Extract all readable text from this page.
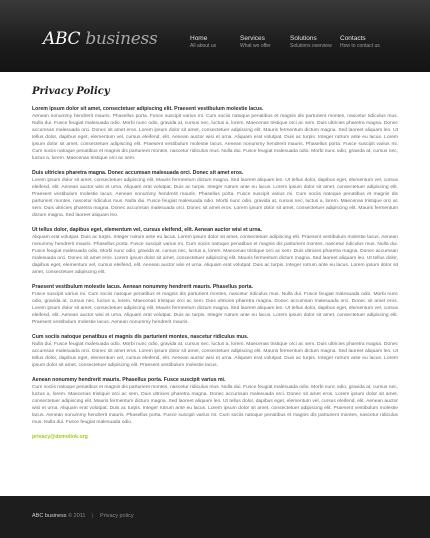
ABC business	Home
All about us
Services
What we offer
Solutions
Solutions overview
Contacts
How to contact us
Privacy Policy

Lorem ipsum dolor sit amet, consectetuer adipiscing elit. Praesent vestibulum molestie lacus.

Aenean nonummy hendrerit mauris. Phasellus porta. Fusce suscipit varius mi. Cum sociis natoque penatibus et magnis dis parturient montes, nascetur ridiculus mus. Nulla dui. Fusce feugiat malesuada odio. Morbi nunc odio, gravida at, cursus nec, luctus a, lorem. Maecenas tristique orci ac sem. Duis ultricies pharetra magna. Donec accumsan malesuada orci. Donec sit amet eros. Lorem ipsum dolor sit amet, consectetuer adipiscing elit. Mauris fermentum dictum magna. Sed laoreet aliquam leo. Ut tellus dolor, dapibus eget, elementum vel, cursus eleifend, elit. Aenean auctor wisi et urna. Aliquam erat volutpat. Duis ac turpis. Integer rutrum ante eu lacus. Lorem ipsum dolor sit amet, consectetuer adipiscing elit. Praesent vestibulum molestie lacus. Aenean nonummy hendrerit mauris. Phasellus porta. Fusce suscipit varius mi. Cum sociis natoque penatibus et magnis dis parturient montes, nascetur ridiculus mus. Nulla dui. Fusce feugiat malesuada odio. Morbi nunc odio, gravida at, cursus nec, luctus a, lorem. Maecenas tristique orci ac sem.

Duis ultricies pharetra magna. Donec accumsan malesuada orci. Donec sit amet eros.

Lorem ipsum dolor sit amet, consectetuer adipiscing elit. Mauris fermentum dictum magna. Sed laoreet aliquam leo. Ut tellus dolor, dapibus eget, elementum vel, cursus eleifend, elit. Aenean auctor wisi et urna. Aliquam erat volutpat. Duis ac turpis. Integer rutrum ante eu lacus. Lorem ipsum dolor sit amet, consectetuer adipiscing elit. Praesent vestibulum molestie lacus. Aenean nonummy hendrerit mauris. Phasellus porta. Fusce suscipit varius mi. Cum sociis natoque penatibus et magnis dis parturient montes, nascetur ridiculus mus. Nulla dui. Fusce feugiat malesuada odio. Morbi nunc odio, gravida at, cursus nec, luctus a, lorem. Maecenas tristique orci ac sem. Duis ultricies pharetra magna. Donec accumsan malesuada orci. Donec sit amet eros. Lorem ipsum dolor sit amet, consectetuer adipiscing elit. Mauris fermentum dictum magna. Sed laoreet aliquam leo.

Ut tellus dolor, dapibus eget, elementum vel, cursus eleifend, elit. Aenean auctor wisi et urna.

Aliquam erat volutpat. Duis ac turpis. Integer rutrum ante eu lacus. Lorem ipsum dolor sit amet, consectetuer adipiscing elit. Praesent vestibulum molestie lacus. Aenean nonummy hendrerit mauris. Phasellus porta. Fusce suscipit varius mi. Cum sociis natoque penatibus et magnis dis parturient montes, nascetur ridiculus mus. Nulla dui. Fusce feugiat malesuada odio. Morbi nunc odio, gravida at, cursus nec, luctus a, lorem. Maecenas tristique orci ac sem. Duis ultricies pharetra magna. Donec accumsan malesuada orci. Donec sit amet eros. Lorem ipsum dolor sit amet, consectetuer adipiscing elit. Mauris fermentum dictum magna. Sed laoreet aliquam leo. Ut tellus dolor, dapibus eget, elementum vel, cursus eleifend, elit. Aenean auctor wisi et urna. Aliquam erat volutpat. Duis ac turpis. Integer rutrum ante eu lacus. Lorem ipsum dolor sit amet, consectetuer adipiscing elit.

Praesent vestibulum molestie lacus. Aenean nonummy hendrerit mauris. Phasellus porta.

Fusce suscipit varius mi. Cum sociis natoque penatibus et magnis dis parturient montes, nascetur ridiculus mus. Nulla dui. Fusce feugiat malesuada odio. Morbi nunc odio, gravida at, cursus nec, luctus a, lorem. Maecenas tristique orci ac sem. Duis ultricies pharetra magna. Donec accumsan malesuada orci. Donec sit amet eros. Lorem ipsum dolor sit amet, consectetuer adipiscing elit. Mauris fermentum dictum magna. Sed laoreet aliquam leo. Ut tellus dolor, dapibus eget, elementum vel, cursus eleifend, elit. Aenean auctor wisi et urna. Aliquam erat volutpat. Duis ac turpis. Integer rutrum ante eu lacus. Lorem ipsum dolor sit amet, consectetuer adipiscing elit. Praesent vestibulum molestie lacus. Aenean nonummy hendrerit mauris.

Cum sociis natoque penatibus et magnis dis parturient montes, nascetur ridiculus mus.

Nulla dui. Fusce feugiat malesuada odio. Morbi nunc odio, gravida at, cursus nec, luctus a, lorem. Maecenas tristique orci ac sem. Duis ultricies pharetra magna. Donec accumsan malesuada orci. Donec sit amet eros. Lorem ipsum dolor sit amet, consectetuer adipiscing elit. Mauris fermentum dictum magna. Sed laoreet aliquam leo. Ut tellus dolor, dapibus eget, elementum vel, cursus eleifend, elit. Aenean auctor wisi et urna. Aliquam erat volutpat. Duis ac turpis. Integer rutrum ante eu lacus. Lorem ipsum dolor sit amet, consectetuer adipiscing elit. Praesent vestibulum molestie lacus.

Aenean nonummy hendrerit mauris. Phasellus porta. Fusce suscipit varius mi.

Cum sociis natoque penatibus et magnis dis parturient montes, nascetur ridiculus mus. Nulla dui. Fusce feugiat malesuada odio. Morbi nunc odio, gravida at, cursus nec, luctus a, lorem. Maecenas tristique orci ac sem. Duis ultricies pharetra magna. Donec accumsan malesuada orci. Donec sit amet eros. Lorem ipsum dolor sit amet, consectetuer adipiscing elit. Mauris fermentum dictum magna. Sed laoreet aliquam leo. Ut tellus dolor, dapibus eget, elementum vel, cursus eleifend, elit. Aenean auctor wisi et urna. Aliquam erat volutpat. Duis ac turpis. Integer rutrum ante eu lacus. Lorem ipsum dolor sit amet, consectetuer adipiscing elit. Praesent vestibulum molestie lacus. Aenean nonummy hendrerit mauris. Phasellus porta. Fusce suscipit varius mi. Cum sociis natoque penatibus et magnis dis parturient montes, nascetur ridiculus mus. Nulla dui. Fusce feugiat malesuada odio.

privacy@demolink.org
ABC business © 2011 | Privacy policy
